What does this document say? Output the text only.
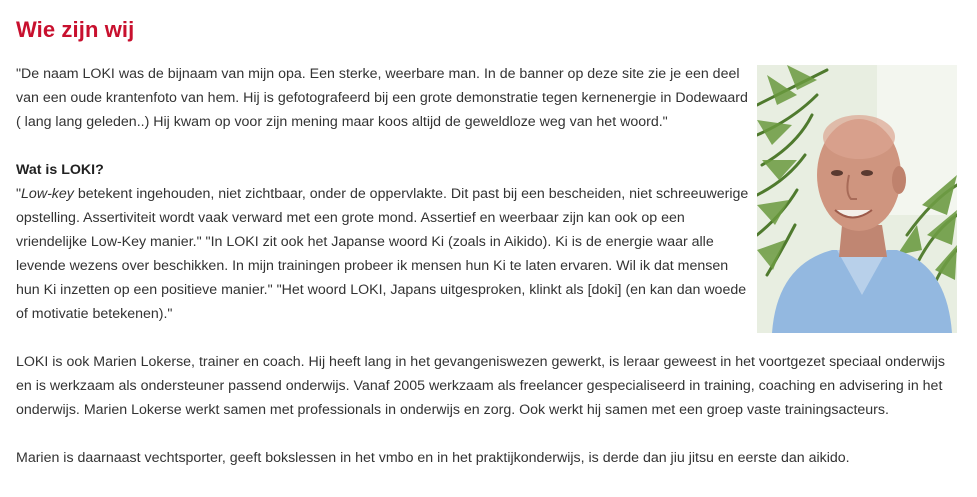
Wie zijn wij

"De naam LOKI was de bijnaam van mijn opa. Een sterke, weerbare man. In de banner op deze site zie je een deel van een oude krantenfoto van hem. Hij is gefotografeerd bij een grote demonstratie tegen kernenergie in Dodewaard ( lang lang geleden..) Hij kwam op voor zijn mening maar koos altijd de geweldloze weg van het woord."

Wat is LOKI?

"Low-key betekent ingehouden, niet zichtbaar, onder de oppervlakte. Dit past bij een bescheiden, niet schreeuwerige opstelling. Assertiviteit wordt vaak verward met een grote mond. Assertief en weerbaar zijn kan ook op een vriendelijke Low-Key manier." "In LOKI zit ook het Japanse woord Ki (zoals in Aikido). Ki is de energie waar alle levende wezens over beschikken. In mijn trainingen probeer ik mensen hun Ki te laten ervaren. Wil ik dat mensen hun Ki inzetten op een positieve manier." "Het woord LOKI, Japans uitgesproken, klinkt als [doki] (en kan dan woede of motivatie betekenen)."

LOKI is ook Marien Lokerse, trainer en coach. Hij heeft lang in het gevangeniswezen gewerkt, is leraar geweest in het voortgezet speciaal onderwijs en is werkzaam als ondersteuner passend onderwijs. Vanaf 2005 werkzaam als freelancer gespecialiseerd in training, coaching en advisering in het onderwijs. Marien Lokerse werkt samen met professionals in onderwijs en zorg. Ook werkt hij samen met een groep vaste trainingsacteurs.

Marien is daarnaast vechtsporter, geeft bokslessen in het vmbo en in het praktijkonderwijs, is derde dan jiu jitsu en eerste dan aikido.
